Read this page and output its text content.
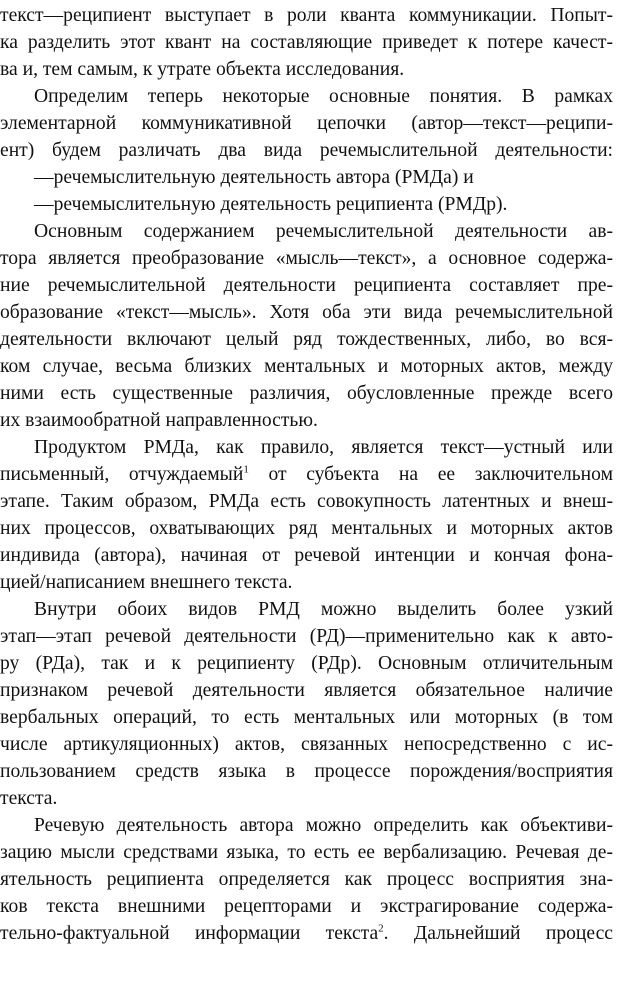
текст—реципиент выступает в роли кванта коммуникации. Попыт-
ка разделить этот квант на составляющие приведет к потере качест-
ва и, тем самым, к утрате объекта исследования.
Определим теперь некоторые основные понятия. В рамках
элементарной коммуникативной цепочки (автор—текст—реципи-
ент) будем различать два вида речемыслительной деятельности:
—речемыслительную деятельность автора (РМДа) и
—речемыслительную деятельность реципиента (РМДр).
Основным содержанием речемыслительной деятельности ав-
тора является преобразование «мысль—текст», а основное содержа-
ние речемыслительной деятельности реципиента составляет пре-
образование «текст—мысль». Хотя оба эти вида речемыслительной
деятельности включают целый ряд тождественных, либо, во вся-
ком случае, весьма близких ментальных и моторных актов, между
ними есть существенные различия, обусловленные прежде всего
их взаимообратной направленностью.
Продуктом РМДа, как правило, является текст—устный или
письменный, отчуждаемый$^1$ от субъекта на ее заключительном
этапе. Таким образом, РМДа есть совокупность латентных и внеш-
них процессов, охватывающих ряд ментальных и моторных актов
индивида (автора), начиная от речевой интенции и кончая фона-
цией/написанием внешнего текста.
Внутри обоих видов РМД можно выделить более узкий
этап—этап речевой деятельности (РД)—применительно как к авто-
ру (РДа), так и к реципиенту (РДр). Основным отличительным
признаком речевой деятельности является обязательное наличие
вербальных операций, то есть ментальных или моторных (в том
числе артикуляционных) актов, связанных непосредственно с ис-
пользованием средств языка в процессе порождения/восприятия
текста.
Речевую деятельность автора можно определить как объективи-
зацию мысли средствами языка, то есть ее вербализацию. Речевая де-
ятельность реципиента определяется как процесс восприятия зна-
ков текста внешними рецепторами и экстрагирование содержа-
тельно-фактуальной информации текста$^2$. Дальнейший процесс
